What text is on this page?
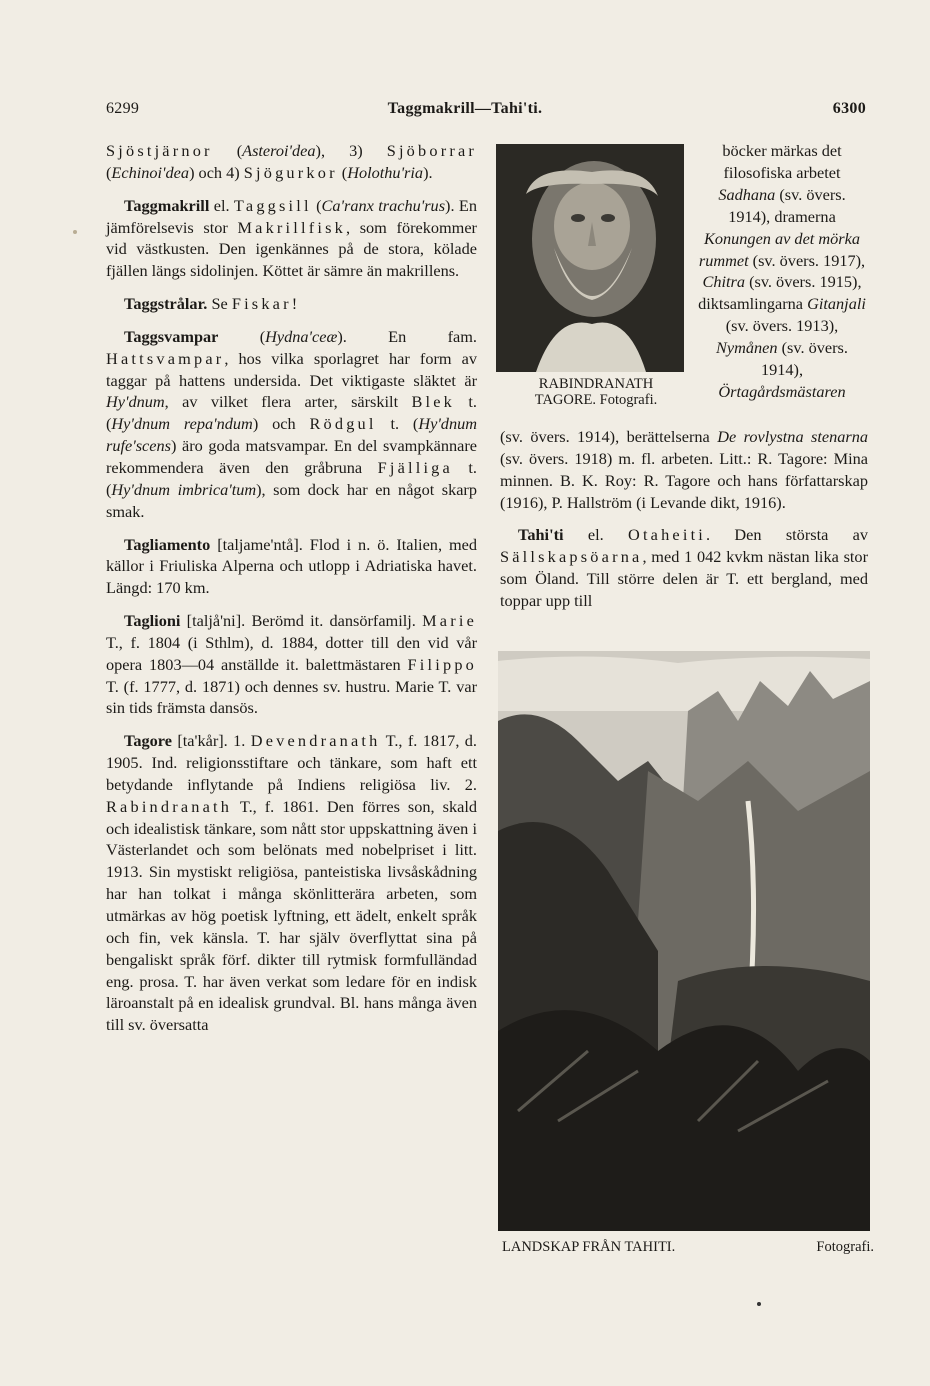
6299	Taggmakrill—Tahi'ti.	6300

Sjöstjärnor (Asteroi'dea), 3) Sjöborrar (Echinoi'dea) och 4) Sjögurkor (Holothu'ria).

Taggmakrill el. Taggsill (Ca'ranx trachu'rus). En jämförelsevis stor Makrillfisk, som förekommer vid västkusten. Den igenkännes på de stora, kölade fjällen längs sidolinjen. Köttet är sämre än makrillens.

Taggstrålar. Se Fiskar!

Taggsvampar (Hydna'ceæ). En fam. Hattsvampar, hos vilka sporlagret har form av taggar på hattens undersida. Det viktigaste släktet är Hy'dnum, av vilket flera arter, särskilt Blek t. (Hy'dnum repa'ndum) och Rödgul t. (Hy'dnum rufe'scens) äro goda matsvampar. En del svampkännare rekommendera även den gråbruna Fjälliga t. (Hy'dnum imbrica'tum), som dock har en något skarp smak.

Tagliamento [taljame'ntå]. Flod i n. ö. Italien, med källor i Friuliska Alperna och utlopp i Adriatiska havet. Längd: 170 km.

Taglioni [taljå'ni]. Berömd it. dansörfamilj. Marie T., f. 1804 (i Sthlm), d. 1884, dotter till den vid vår opera 1803—04 anställde it. balettmästaren Filippo T. (f. 1777, d. 1871) och dennes sv. hustru. Marie T. var sin tids främsta dansös.

Tagore [ta'kår]. 1. Devendranath T., f. 1817, d. 1905. Ind. religionsstiftare och tänkare, som haft ett betydande inflytande på Indiens religiösa liv. 2. Rabindranath T., f. 1861. Den förres son, skald och idealistisk tänkare, som nått stor uppskattning även i Västerlandet och som belönats med nobelpriset i litt. 1913. Sin mystiskt religiösa, panteistiska livsåskådning har han tolkat i många skönlitterära arbeten, som utmärkas av hög poetisk lyftning, ett ädelt, enkelt språk och fin, vek känsla. T. har själv överflyttat sina på bengaliskt språk förf. dikter till rytmisk formfulländad eng. prosa. T. har även verkat som ledare för en indisk läroanstalt på en idealisk grundval. Bl. hans många även till sv. översatta

RABINDRANATH
TAGORE. Fotografi.
böcker märkas det filosofiska arbetet Sadhana (sv. övers. 1914), dramerna Konungen av det mörka rummet (sv. övers. 1917), Chitra (sv. övers. 1915), diktsamlingarna Gitanjali (sv. övers. 1913), Nymånen (sv. övers. 1914), Örtagårdsmästaren

(sv. övers. 1914), berättelserna De rovlystna stenarna (sv. övers. 1918) m. fl. arbeten. Litt.: R. Tagore: Mina minnen. B. K. Roy: R. Tagore och hans författarskap (1916), P. Hallström (i Levande dikt, 1916).

Tahi'ti el. Otaheiti. Den största av Sällskapsöarna, med 1 042 kvkm nästan lika stor som Öland. Till större delen är T. ett bergland, med toppar upp till

LANDSKAP FRÅN TAHITI.	Fotografi.
